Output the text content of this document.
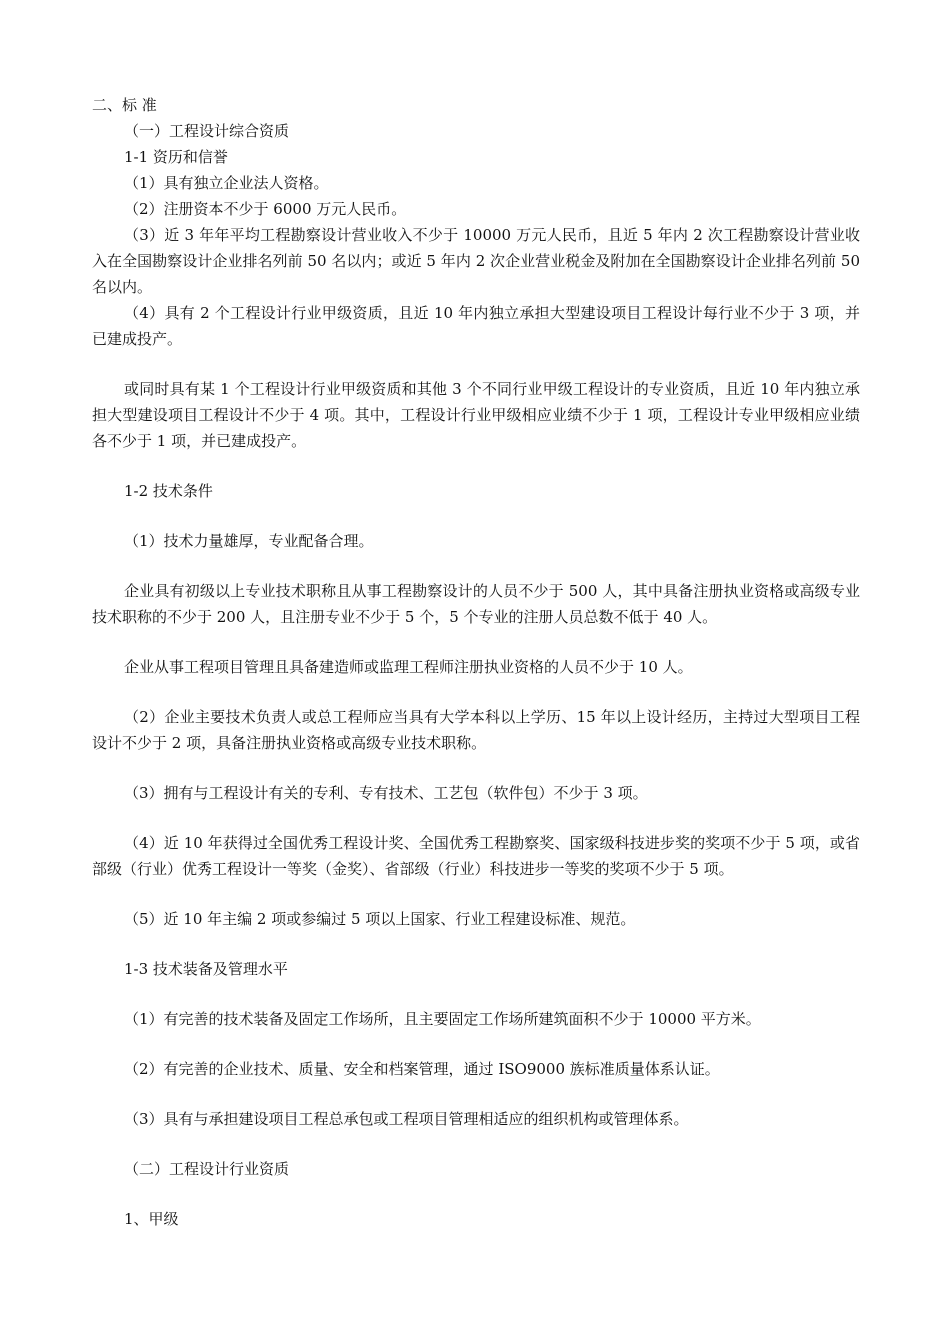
二、标 准

（一）工程设计综合资质

1-1 资历和信誉

（1）具有独立企业法人资格。

（2）注册资本不少于 6000 万元人民币。

（3）近 3 年年平均工程勘察设计营业收入不少于 10000 万元人民币，且近 5 年内 2 次工程勘察设计营业收入在全国勘察设计企业排名列前 50 名以内；或近 5 年内 2 次企业营业税金及附加在全国勘察设计企业排名列前 50 名以内。

（4）具有 2 个工程设计行业甲级资质，且近 10 年内独立承担大型建设项目工程设计每行业不少于 3 项，并已建成投产。

或同时具有某 1 个工程设计行业甲级资质和其他 3 个不同行业甲级工程设计的专业资质，且近 10 年内独立承担大型建设项目工程设计不少于 4 项。其中，工程设计行业甲级相应业绩不少于 1 项，工程设计专业甲级相应业绩各不少于 1 项，并已建成投产。

1-2 技术条件

（1）技术力量雄厚，专业配备合理。

企业具有初级以上专业技术职称且从事工程勘察设计的人员不少于 500 人，其中具备注册执业资格或高级专业技术职称的不少于 200 人，且注册专业不少于 5 个，5 个专业的注册人员总数不低于 40 人。

企业从事工程项目管理且具备建造师或监理工程师注册执业资格的人员不少于 10 人。

（2）企业主要技术负责人或总工程师应当具有大学本科以上学历、15 年以上设计经历，主持过大型项目工程设计不少于 2 项，具备注册执业资格或高级专业技术职称。

（3）拥有与工程设计有关的专利、专有技术、工艺包（软件包）不少于 3 项。

（4）近 10 年获得过全国优秀工程设计奖、全国优秀工程勘察奖、国家级科技进步奖的奖项不少于 5 项，或省部级（行业）优秀工程设计一等奖（金奖）、省部级（行业）科技进步一等奖的奖项不少于 5 项。

（5）近 10 年主编 2 项或参编过 5 项以上国家、行业工程建设标准、规范。

1-3 技术装备及管理水平

（1）有完善的技术装备及固定工作场所，且主要固定工作场所建筑面积不少于 10000 平方米。

（2）有完善的企业技术、质量、安全和档案管理，通过 ISO9000 族标准质量体系认证。

（3）具有与承担建设项目工程总承包或工程项目管理相适应的组织机构或管理体系。

（二）工程设计行业资质

1、甲级
